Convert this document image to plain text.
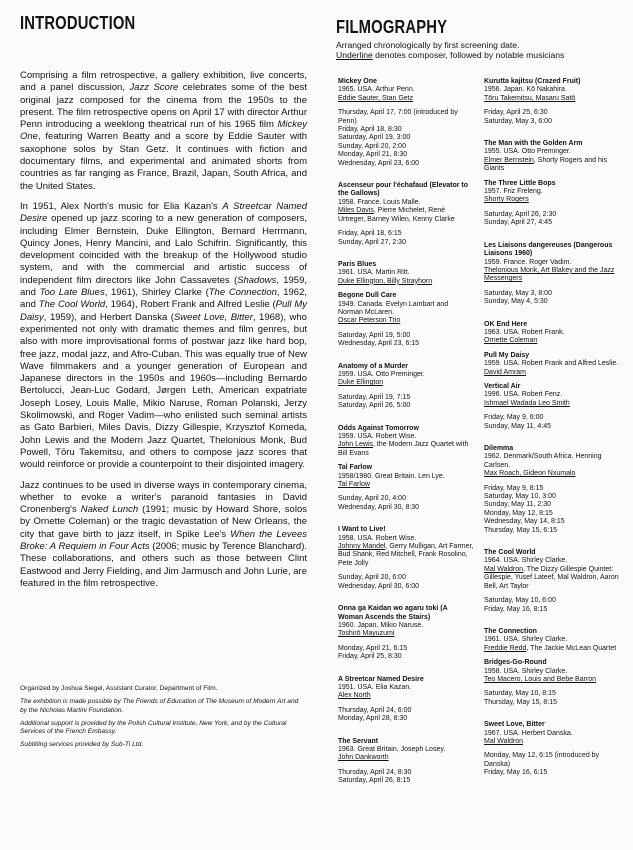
INTRODUCTION

Comprising a film retrospective, a gallery exhibition, live concerts, and a panel discussion, Jazz Score celebrates some of the best original jazz composed for the cinema from the 1950s to the present. The film retrospective opens on April 17 with director Arthur Penn introducing a weeklong theatrical run of his 1965 film Mickey One, featuring Warren Beatty and a score by Eddie Sauter with saxophone solos by Stan Getz. It continues with fiction and documentary films, and experimental and animated shorts from countries as far ranging as France, Brazil, Japan, South Africa, and the United States.

In 1951, Alex North's music for Elia Kazan's A Streetcar Named Desire opened up jazz scoring to a new generation of composers, including Elmer Bernstein, Duke Ellington, Bernard Herrmann, Quincy Jones, Henry Mancini, and Lalo Schifrin. Significantly, this development coincided with the breakup of the Hollywood studio system, and with the commercial and artistic success of independent film directors like John Cassavetes (Shadows, 1959, and Too Late Blues, 1961), Shirley Clarke (The Connection, 1962, and The Cool World, 1964), Robert Frank and Alfred Leslie (Pull My Daisy, 1959), and Herbert Danska (Sweet Love, Bitter, 1968), who experimented not only with dramatic themes and film genres, but also with more improvisational forms of postwar jazz like hard bop, free jazz, modal jazz, and Afro-Cuban. This was equally true of New Wave filmmakers and a younger generation of European and Japanese directors in the 1950s and 1960s—including Bernardo Bertolucci, Jean-Luc Godard, Jørgen Leth, American expatriate Joseph Losey, Louis Malle, Mikio Naruse, Roman Polanski, Jerzy Skolimowski, and Roger Vadim—who enlisted such seminal artists as Gato Barbieri, Miles Davis, Dizzy Gillespie, Krzysztof Komeda, John Lewis and the Modern Jazz Quartet, Thelonious Monk, Bud Powell, Tōru Takemitsu, and others to compose jazz scores that would reinforce or provide a counterpoint to their disjointed imagery.

Jazz continues to be used in diverse ways in contemporary cinema, whether to evoke a writer's paranoid fantasies in David Cronenberg's Naked Lunch (1991; music by Howard Shore, solos by Ornette Coleman) or the tragic devastation of New Orleans, the city that gave birth to jazz itself, in Spike Lee's When the Levees Broke: A Requiem in Four Acts (2006; music by Terence Blanchard). These collaborations, and others such as those between Clint Eastwood and Jerry Fielding, and Jim Jarmusch and John Lurie, are featured in the film retrospective.

Organized by Joshua Siegel, Assistant Curator, Department of Film.

The exhibition is made possible by The Friends of Education of The Museum of Modern Art and by the Nicholas Martini Foundation.

Additional support is provided by the Polish Cultural Institute, New York, and by the Cultural Services of the French Embassy.

Subtitling services provided by Sub-Ti Ltd.

FILMOGRAPHY
Arranged chronologically by first screening date.
Underline denotes composer, followed by notable musicians
Mickey One
1965. USA. Arthur Penn.
Eddie Sauter, Stan Getz
Thursday, April 17, 7:00 (introduced by Penn)
Friday, April 18, 8:30
Saturday, April 19, 3:00
Sunday, April 20, 2:00
Monday, April 21, 8:30
Wednesday, April 23, 6:00
Ascenseur pour l'échafaud (Elevator to the Gallows)
1958. France. Louis Malle.
Miles Davis, Pierre Michelet, René Urtreger, Barney Wilen, Kenny Clarke
Friday, April 18, 6:15
Sunday, April 27, 2:30
Paris Blues
1961. USA. Martin Ritt.
Duke Ellington, Billy Strayhorn
Begone Dull Care
1949. Canada. Evelyn Lambart and Norman McLaren.
Oscar Peterson Trio
Saturday, April 19, 5:00
Wednesday, April 23, 6:15
Anatomy of a Murder
1959. USA. Otto Preminger.
Duke Ellington
Saturday, April 19, 7:15
Saturday, April 26, 5:00
Odds Against Tomorrow
1959. USA. Robert Wise.
John Lewis, the Modern Jazz Quartet with Bill Evans
Tal Farlow
1958/1980. Great Britain. Len Lye.
Tal Farlow
Sunday, April 20, 4:00
Wednesday, April 30, 8:30
I Want to Live!
1958. USA. Robert Wise.
Johnny Mandel, Gerry Mulligan, Art Farmer, Bud Shank, Red Mitchell, Frank Rosolino, Pete Jolly
Sunday, April 20, 6:00
Wednesday, April 30, 6:00
Onna ga Kaidan wo agaru toki (A Woman Ascends the Stairs)
1960. Japan. Mikio Naruse.
Toshirō Mayuzumi
Monday, April 21, 6:15
Friday, April 25, 8:30
A Streetcar Named Desire
1951. USA. Elia Kazan.
Alex North
Thursday, April 24, 6:00
Monday, April 28, 8:30
The Servant
1963. Great Britain. Joseph Losey.
John Dankworth
Thursday, April 24, 8:30
Saturday, April 26, 8:15
Kurutta kajitsu (Crazed Fruit)
1956. Japan. Kō Nakahira.
Tōru Takemitsu, Masaru Satō
Friday, April 25, 6:30
Saturday, May 3, 6:00
The Man with the Golden Arm
1955. USA. Otto Preminger.
Elmer Bernstein, Shorty Rogers and his Giants
The Three Little Bops
1957. Friz Freleng.
Shorty Rogers
Saturday, April 26, 2:30
Sunday, April 27, 4:45
Les Liaisons dangereuses (Dangerous Liaisons 1960)
1959. France. Roger Vadim.
Thelonious Monk, Art Blakey and the Jazz Messengers
Saturday, May 3, 8:00
Sunday, May 4, 5:30
OK End Here
1963. USA. Robert Frank.
Ornette Coleman
Pull My Daisy
1959. USA. Robert Frank and Alfred Leslie.
David Amram
Vertical Air
1996. USA. Robert Fenz.
Ishmael Wadada Leo Smith
Friday, May 9, 6:00
Sunday, May 11, 4:45
Dilemma
1962. Denmark/South Africa. Henning Carlsen.
Max Roach, Gideon Nxumalo
Friday, May 9, 8:15
Saturday, May 10, 3:00
Sunday, May 11, 2:30
Monday, May 12, 8:15
Wednesday, May 14, 8:15
Thursday, May 15, 6:15
The Cool World
1964. USA. Shirley Clarke.
Mal Waldron, The Dizzy Gillespie Quintet: Gillespie, Yusef Lateef, Mal Waldron, Aaron Bell, Art Taylor
Saturday, May 10, 6:00
Friday, May 16, 8:15
The Connection
1961. USA. Shirley Clarke.
Freddie Redd, The Jackie McLean Quartet
Bridges-Go-Round
1958. USA. Shirley Clarke.
Teo Macero, Louis and Bebe Barron
Saturday, May 10, 8:15
Thursday, May 15, 8:15
Sweet Love, Bitter
1967. USA. Herbert Danska.
Mal Waldron
Monday, May 12, 6:15 (introduced by Danska)
Friday, May 16, 6:15
